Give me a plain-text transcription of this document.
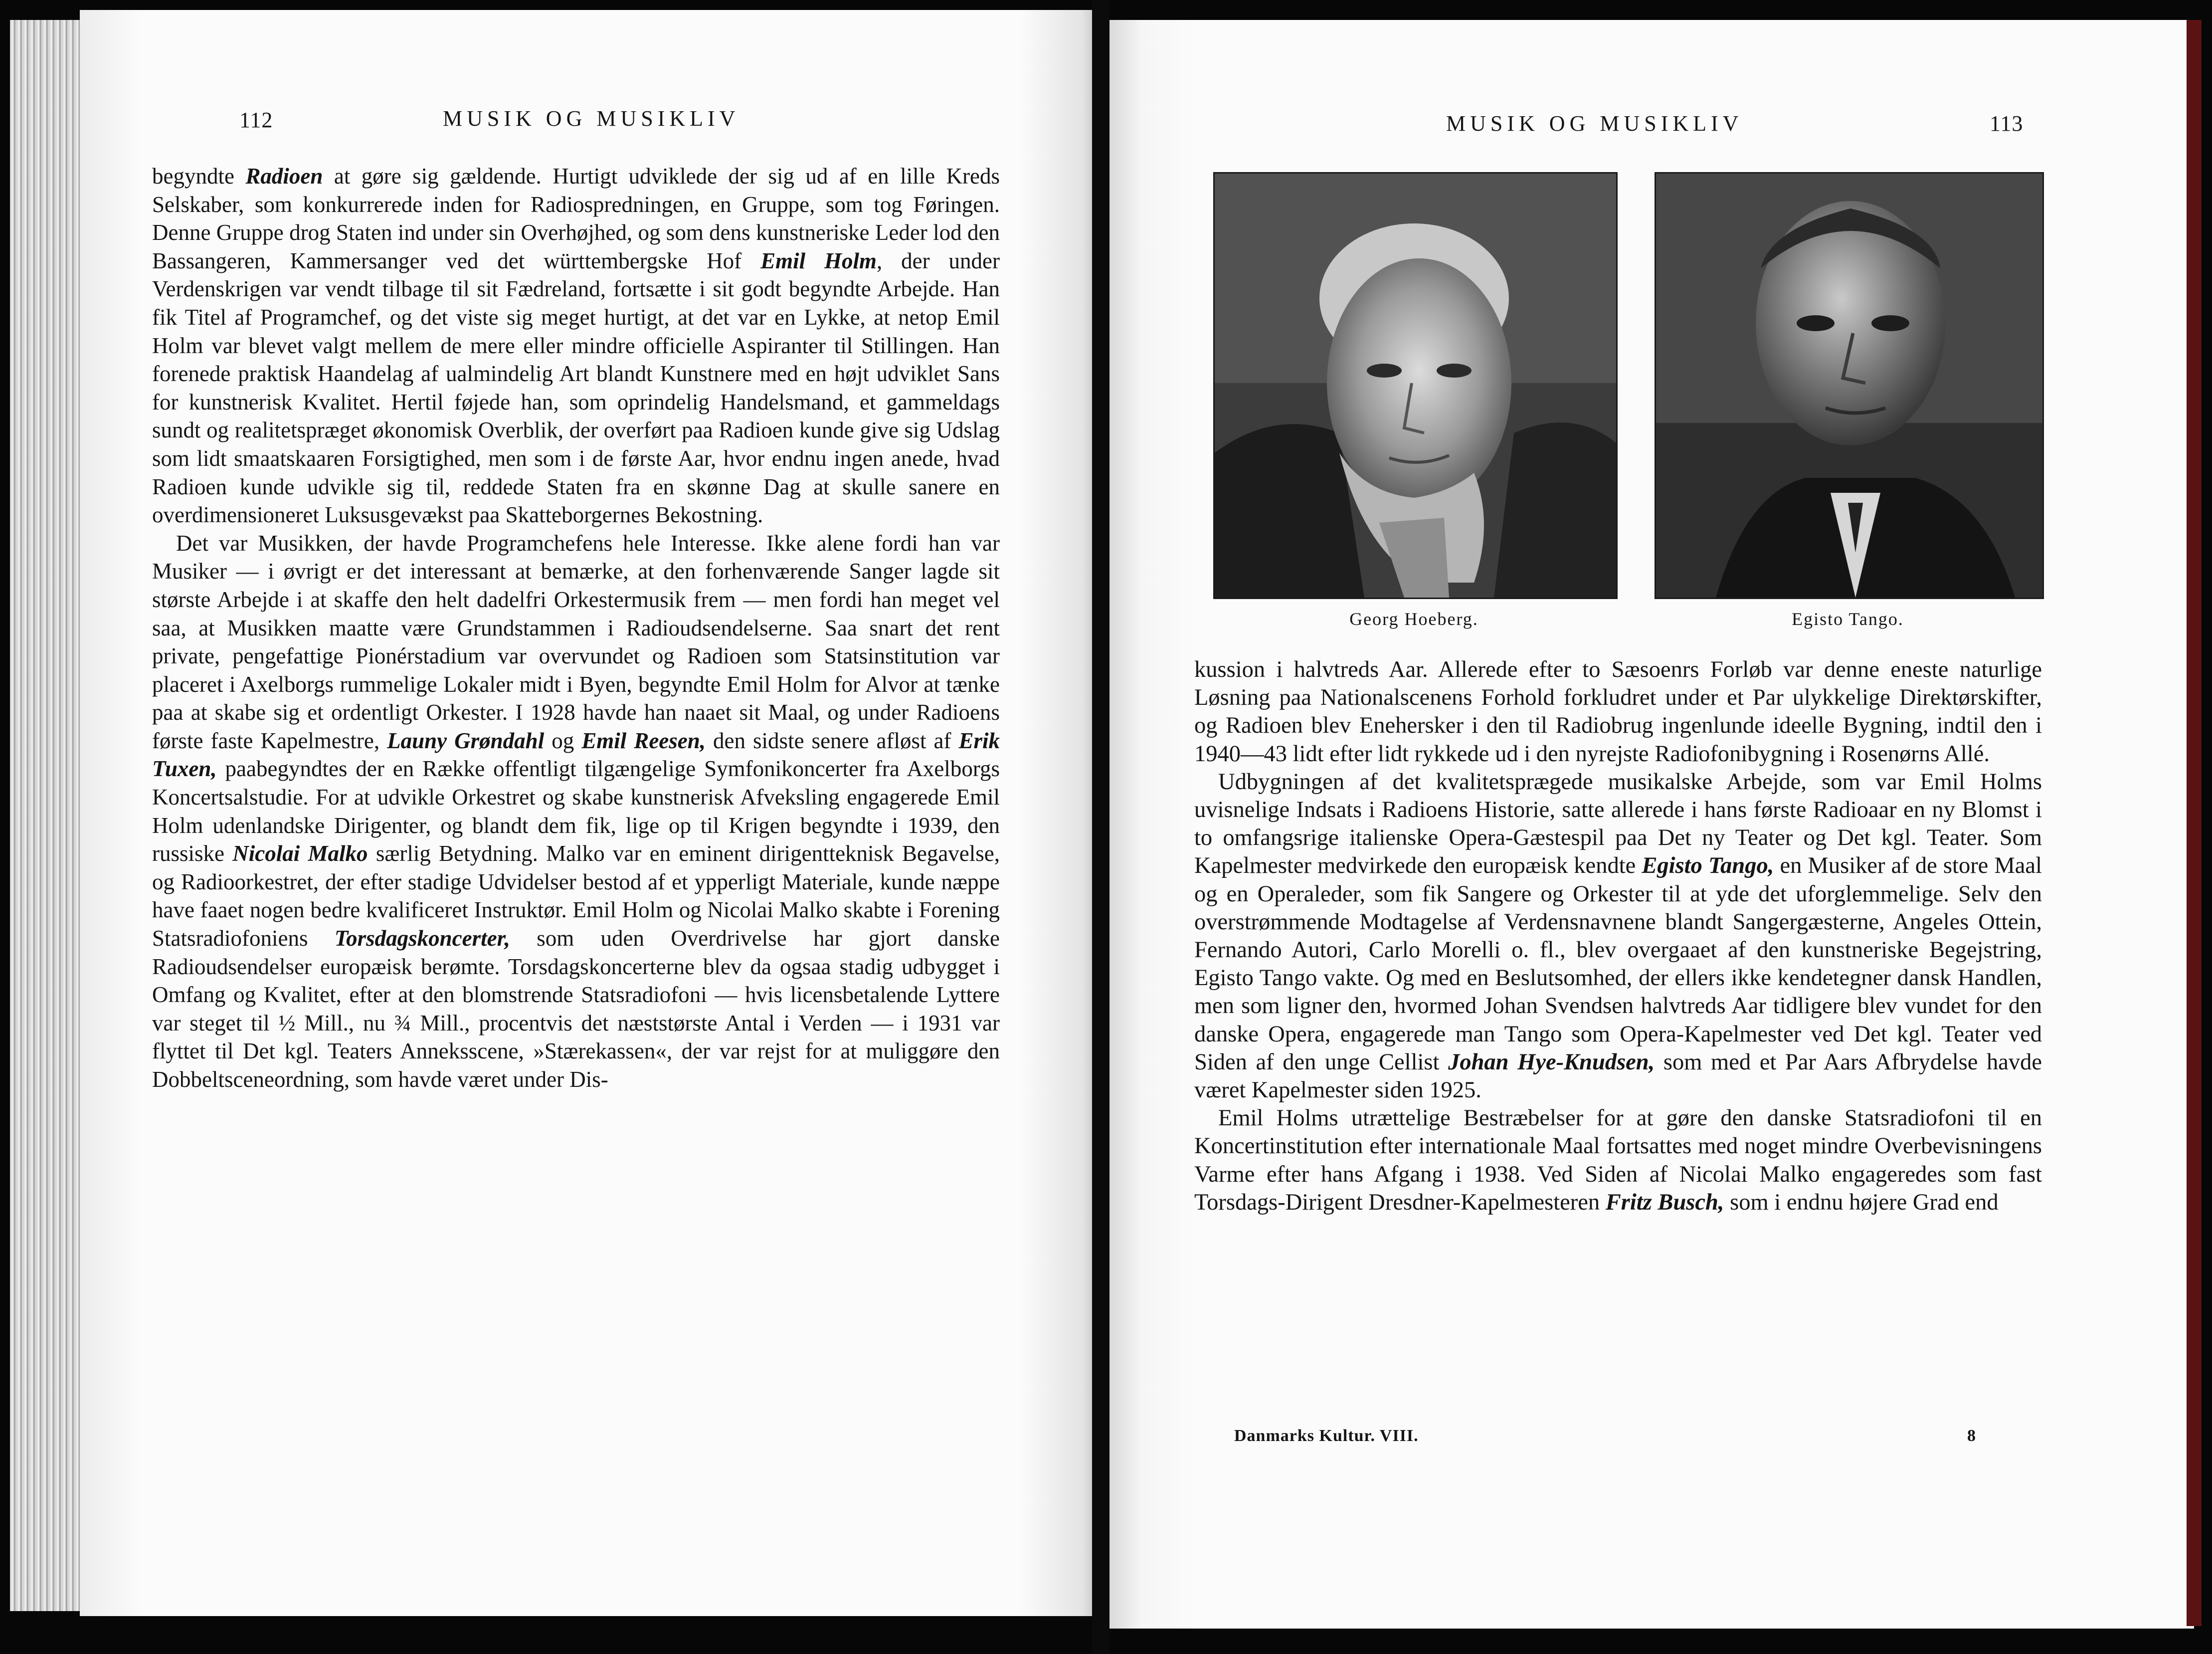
112	MUSIK OG MUSIKLIV

begyndte Radioen at gøre sig gældende. Hurtigt udviklede der sig ud af en lille Kreds Selskaber, som konkurrerede inden for Radiospredningen, en Gruppe, som tog Føringen. Denne Gruppe drog Staten ind under sin Overhøjhed, og som dens kunstneriske Leder lod den Bassangeren, Kammersanger ved det württembergske Hof Emil Holm, der under Verdenskrigen var vendt tilbage til sit Fædreland, fortsætte i sit godt begyndte Arbejde. Han fik Titel af Programchef, og det viste sig meget hurtigt, at det var en Lykke, at netop Emil Holm var blevet valgt mellem de mere eller mindre officielle Aspiranter til Stillingen. Han forenede praktisk Haandelag af ualmindelig Art blandt Kunstnere med en højt udviklet Sans for kunstnerisk Kvalitet. Hertil føjede han, som oprindelig Handelsmand, et gammeldags sundt og realitetspræget økonomisk Overblik, der overført paa Radioen kunde give sig Udslag som lidt smaatskaaren Forsigtighed, men som i de første Aar, hvor endnu ingen anede, hvad Radioen kunde udvikle sig til, reddede Staten fra en skønne Dag at skulle sanere en overdimensioneret Luksusgevækst paa Skatteborgernes Bekostning.

Det var Musikken, der havde Programchefens hele Interesse. Ikke alene fordi han var Musiker — i øvrigt er det interessant at bemærke, at den forhenværende Sanger lagde sit største Arbejde i at skaffe den helt dadelfri Orkestermusik frem — men fordi han meget vel saa, at Musikken maatte være Grundstammen i Radioudsendelserne. Saa snart det rent private, pengefattige Pionérstadium var overvundet og Radioen som Statsinstitution var placeret i Axelborgs rummelige Lokaler midt i Byen, begyndte Emil Holm for Alvor at tænke paa at skabe sig et ordentligt Orkester. I 1928 havde han naaet sit Maal, og under Radioens første faste Kapelmestre, Launy Grøndahl og Emil Reesen, den sidste senere afløst af Erik Tuxen, paabegyndtes der en Række offentligt tilgængelige Symfonikoncerter fra Axelborgs Koncertsalstudie. For at udvikle Orkestret og skabe kunstnerisk Afveksling engagerede Emil Holm udenlandske Dirigenter, og blandt dem fik, lige op til Krigen begyndte i 1939, den russiske Nicolai Malko særlig Betydning. Malko var en eminent dirigentteknisk Begavelse, og Radioorkestret, der efter stadige Udvidelser bestod af et ypperligt Materiale, kunde næppe have faaet nogen bedre kvalificeret Instruktør. Emil Holm og Nicolai Malko skabte i Forening Statsradiofoniens Torsdagskoncerter, som uden Overdrivelse har gjort danske Radioudsendelser europæisk berømte. Torsdagskoncerterne blev da ogsaa stadig udbygget i Omfang og Kvalitet, efter at den blomstrende Statsradiofoni — hvis licensbetalende Lyttere var steget til ½ Mill., nu ¾ Mill., procentvis det næststørste Antal i Verden — i 1931 var flyttet til Det kgl. Teaters Anneksscene, »Stærekassen«, der var rejst for at muliggøre den Dobbeltsceneordning, som havde været under Dis-

MUSIK OG MUSIKLIV	113
Georg Hoeberg.	Egisto Tango.

kussion i halvtreds Aar. Allerede efter to Sæsoenrs Forløb var denne eneste naturlige Løsning paa Nationalscenens Forhold forkludret under et Par ulykkelige Direktørskifter, og Radioen blev Enehersker i den til Radiobrug ingenlunde ideelle Bygning, indtil den i 1940—43 lidt efter lidt rykkede ud i den nyrejste Radiofonibygning i Rosenørns Allé.

Udbygningen af det kvalitetsprægede musikalske Arbejde, som var Emil Holms uvisnelige Indsats i Radioens Historie, satte allerede i hans første Radioaar en ny Blomst i to omfangsrige italienske Opera-Gæstespil paa Det ny Teater og Det kgl. Teater. Som Kapelmester medvirkede den europæisk kendte Egisto Tango, en Musiker af de store Maal og en Operaleder, som fik Sangere og Orkester til at yde det uforglemmelige. Selv den overstrømmende Modtagelse af Verdensnavnene blandt Sangergæsterne, Angeles Ottein, Fernando Autori, Carlo Morelli o. fl., blev overgaaet af den kunstneriske Begejstring, Egisto Tango vakte. Og med en Beslutsomhed, der ellers ikke kendetegner dansk Handlen, men som ligner den, hvormed Johan Svendsen halvtreds Aar tidligere blev vundet for den danske Opera, engagerede man Tango som Opera-Kapelmester ved Det kgl. Teater ved Siden af den unge Cellist Johan Hye-Knudsen, som med et Par Aars Afbrydelse havde været Kapelmester siden 1925.

Emil Holms utrættelige Bestræbelser for at gøre den danske Statsradiofoni til en Koncertinstitution efter internationale Maal fortsattes med noget mindre Overbevisningens Varme efter hans Afgang i 1938. Ved Siden af Nicolai Malko engageredes som fast Torsdags-Dirigent Dresdner-Kapelmesteren Fritz Busch, som i endnu højere Grad end

Danmarks Kultur. VIII.	8
